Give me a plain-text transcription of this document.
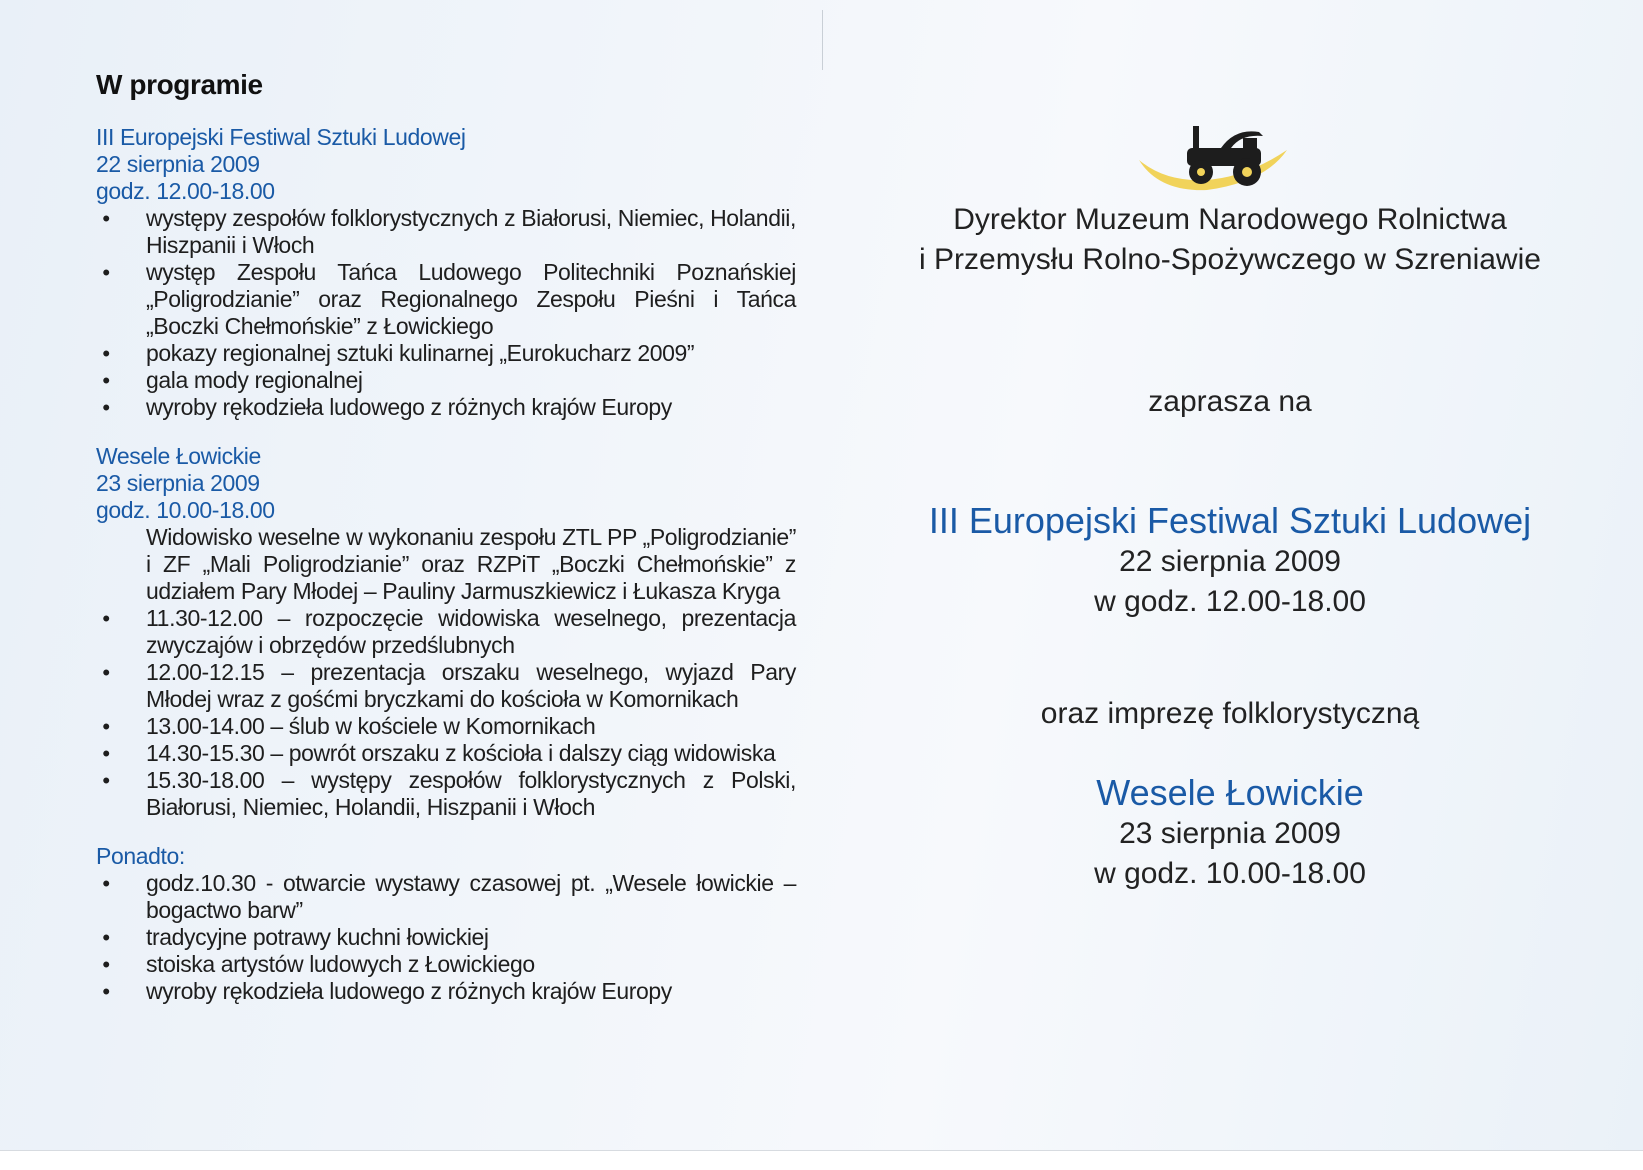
W programie

III Europejski Festiwal Sztuki Ludowej

22 sierpnia 2009

godz. 12.00-18.00

• występy zespołów folklorystycznych z Białorusi, Niemiec, Holandii, Hiszpanii i Włoch
• występ Zespołu Tańca Ludowego Politechniki Poznańskiej „Poligrodzianie” oraz Regionalnego Zespołu Pieśni i Tańca „Boczki Chełmońskie” z Łowickiego
• pokazy regionalnej sztuki kulinarnej „Eurokucharz 2009”
• gala mody regionalnej
• wyroby rękodzieła ludowego z różnych krajów Europy

Wesele Łowickie

23 sierpnia 2009

godz. 10.00-18.00

Widowisko weselne w wykonaniu zespołu ZTL PP „Poligrodzianie” i ZF „Mali Poligrodzianie” oraz RZPiT „Boczki Chełmońskie” z udziałem Pary Młodej – Pauliny Jarmuszkiewicz i Łukasza Kryga

• 11.30-12.00 – rozpoczęcie widowiska weselnego, prezentacja zwyczajów i obrzędów przedślubnych
• 12.00-12.15 – prezentacja orszaku weselnego, wyjazd Pary Młodej wraz z gośćmi bryczkami do kościoła w Komornikach
• 13.00-14.00 – ślub w kościele w Komornikach
• 14.30-15.30 – powrót orszaku z kościoła i dalszy ciąg widowiska
• 15.30-18.00 – występy zespołów folklorystycznych z Polski, Białorusi, Niemiec, Holandii, Hiszpanii i Włoch

Ponadto:

• godz.10.30 - otwarcie wystawy czasowej pt. „Wesele łowickie – bogactwo barw”
• tradycyjne potrawy kuchni łowickiej
• stoiska artystów ludowych z Łowickiego
• wyroby rękodzieła ludowego z różnych krajów Europy

Dyrektor Muzeum Narodowego Rolnictwa

i Przemysłu Rolno-Spożywczego w Szreniawie

zaprasza na

III Europejski Festiwal Sztuki Ludowej

22 sierpnia 2009

w godz. 12.00-18.00

oraz imprezę folklorystyczną

Wesele Łowickie

23 sierpnia 2009

w godz. 10.00-18.00
